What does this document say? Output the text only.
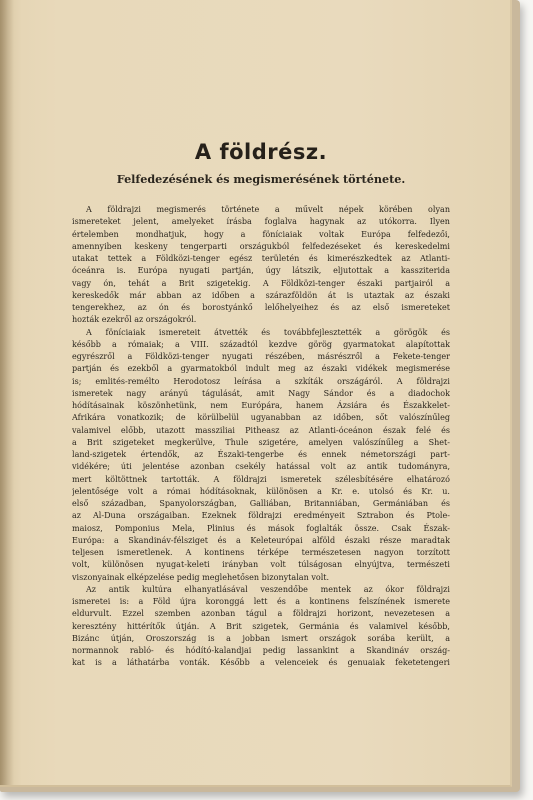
A földrész.
Felfedezésének és megismerésének története.

A földrajzi megismerés története a művelt népek körében olyan

ismereteket jelent, amelyeket írásba foglalva hagynak az utókorra. Ilyen

értelemben mondhatjuk, hogy a föníciaiak voltak Európa felfedezői,

amennyiben keskeny tengerparti országukból felfedezéseket és kereskedelmi

utakat tettek a Földközi-tenger egész területén és kimerészkedtek az Atlanti-

óceánra is. Európa nyugati partján, úgy látszik, eljutottak a kassziterida

vagy ón, tehát a Brit szigetekig. A Földközi-tenger északi partjairól a

kereskedők már abban az időben a szárazföldön át is utaztak az északi

tengerekhez, az ón és borostyánkő lelőhelyeihez és az első ismereteket

hozták ezekről az országokról.

A föníciaiak ismereteit átvették és továbbfejlesztették a görögök és

később a rómaiak; a VIII. századtól kezdve görög gyarmatokat alapítottak

egyrészről a Földközi-tenger nyugati részében, másrészről a Fekete-tenger

partján és ezekből a gyarmatokból indult meg az északi vidékek megismerése

is; emlités-remélto Herodotosz leírása a szkíták országáról. A földrajzi

ismeretek nagy arányú tágulását, amit Nagy Sándor és a diadochok

hódításainak köszönhetünk, nem Európára, hanem Ázsiára és Északkelet-

Afrikára vonatkozik; de körülbelül ugyanabban az időben, sőt valószínűleg

valamivel előbb, utazott massziliai Pitheasz az Atlanti-óceánon észak felé és

a Brit szigeteket megkerülve, Thule szigetére, amelyen valószínűleg a Shet-

land-szigetek értendők, az Északi-tengerbe és ennek németországi part-

vidékére; úti jelentése azonban csekély hatással volt az antik tudományra,

mert költöttnek tartották. A földrajzi ismeretek szélesbítésére elhatározó

jelentősége volt a római hódításoknak, különösen a Kr. e. utolsó és Kr. u.

első században, Spanyolországban, Galliában, Britanniában, Germániában és

az Al-Duna országaiban. Ezeknek földrajzi eredményeit Sztrabon és Ptole-

maiosz, Pomponius Mela, Plinius és mások foglalták össze. Csak Észak-

Európa: a Skandináv-félsziget és a Keleteurópai alföld északi része maradtak

teljesen ismeretlenek. A kontinens térképe természetesen nagyon torzított

volt, különösen nyugat-keleti irányban volt túlságosan elnyújtva, természeti

viszonyainak elképzelése pedig meglehetősen bizonytalan volt.

Az antik kultúra elhanyatlásával veszendőbe mentek az ókor földrajzi

ismeretei is: a Föld újra koronggá lett és a kontinens felszínének ismerete

eldurvult. Ezzel szemben azonban tágul a földrajzi horizont, nevezetesen a

keresztény hittérítők útján. A Brit szigetek, Germánia és valamivel később,

Bizánc útján, Oroszország is a jobban ismert országok sorába került, a

normannok rabló- és hódító-kalandjai pedig lassankint a Skandináv ország-

kat is a láthatárba vonták. Később a velenceiek és genuaiak feketetengeri
